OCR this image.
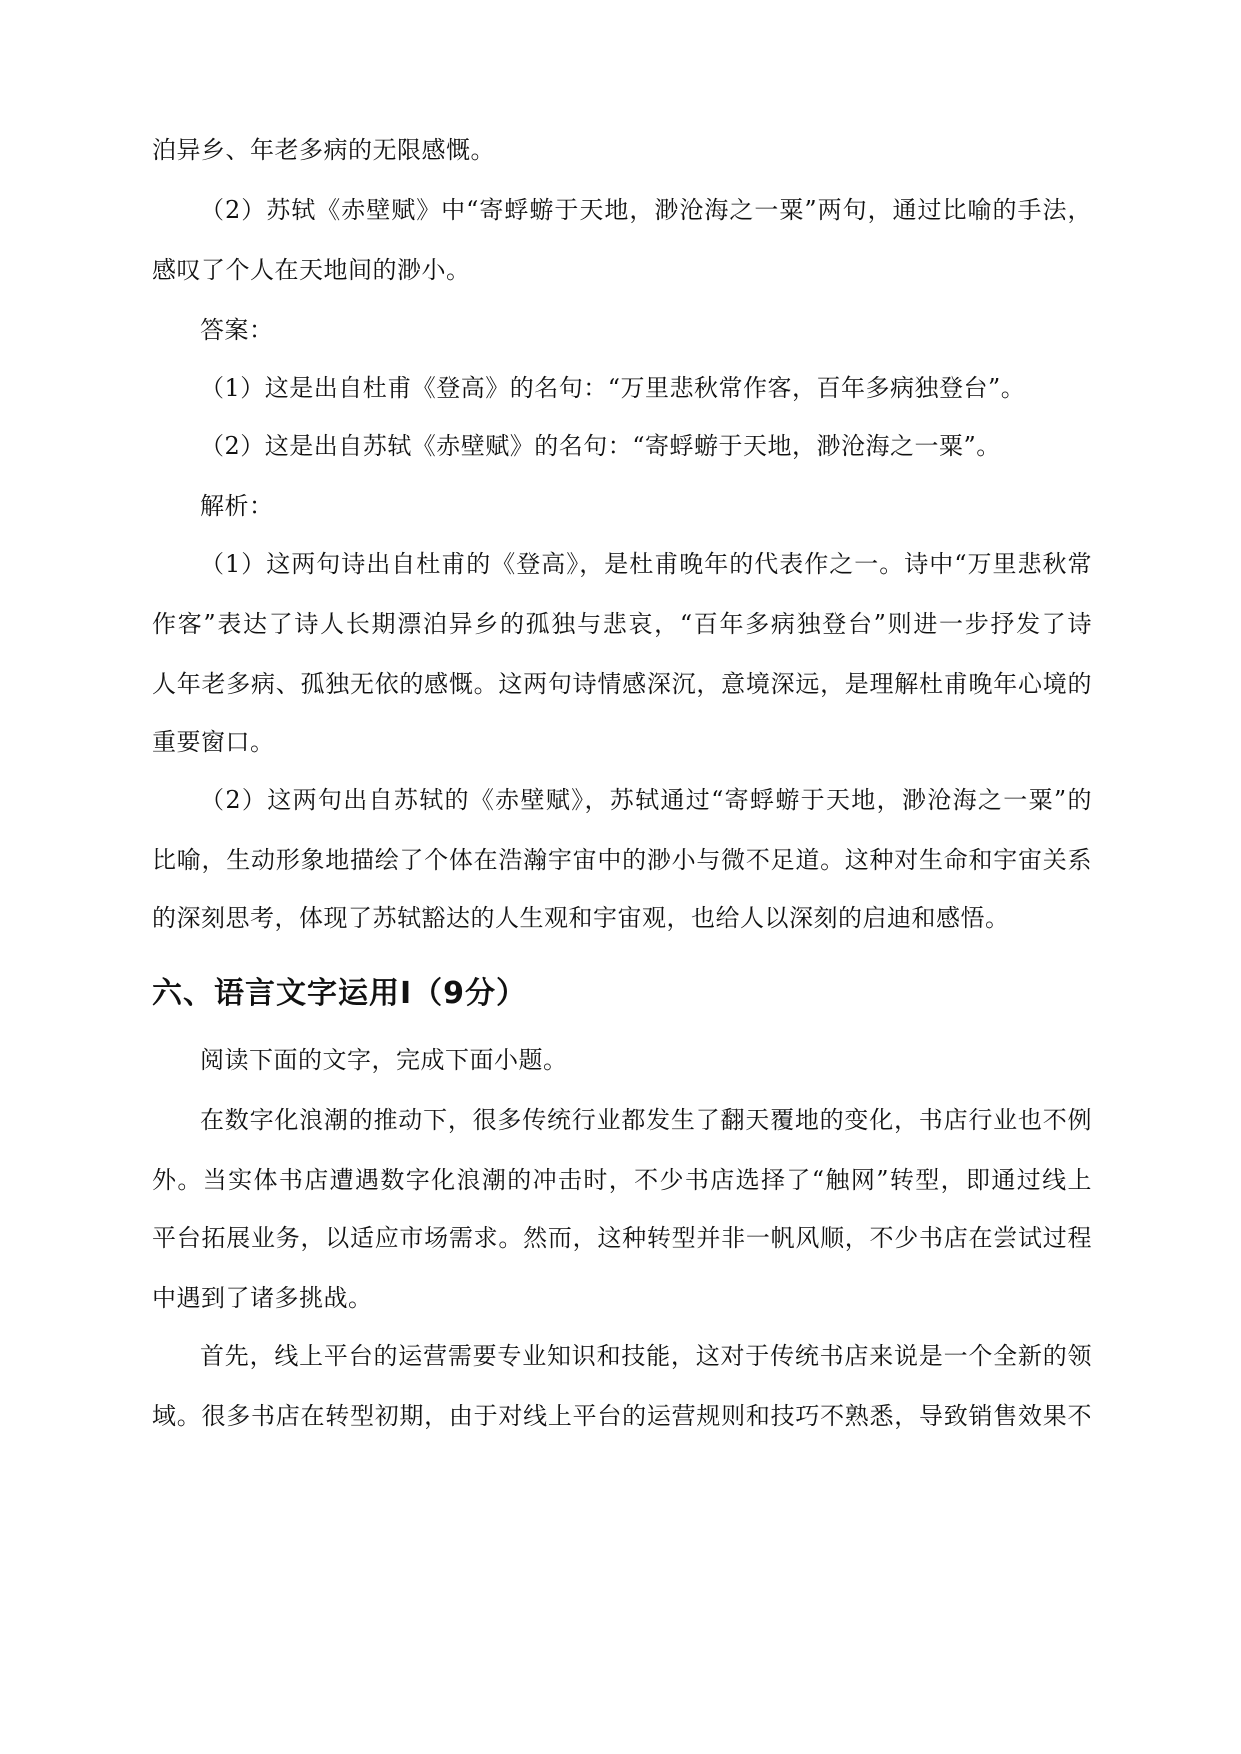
泊异乡、年老多病的无限感慨。
（2）苏轼《赤壁赋》中“寄蜉蝣于天地，渺沧海之一粟”两句，通过比喻的手法，
感叹了个人在天地间的渺小。
答案：
（1）这是出自杜甫《登高》的名句：“万里悲秋常作客，百年多病独登台”。
（2）这是出自苏轼《赤壁赋》的名句：“寄蜉蝣于天地，渺沧海之一粟”。
解析：
（1）这两句诗出自杜甫的《登高》，是杜甫晚年的代表作之一。诗中“万里悲秋常
作客”表达了诗人长期漂泊异乡的孤独与悲哀，“百年多病独登台”则进一步抒发了诗
人年老多病、孤独无依的感慨。这两句诗情感深沉，意境深远，是理解杜甫晚年心境的
重要窗口。
（2）这两句出自苏轼的《赤壁赋》，苏轼通过“寄蜉蝣于天地，渺沧海之一粟”的
比喻，生动形象地描绘了个体在浩瀚宇宙中的渺小与微不足道。这种对生命和宇宙关系
的深刻思考，体现了苏轼豁达的人生观和宇宙观，也给人以深刻的启迪和感悟。
六、语言文字运用Ⅰ（9分）
阅读下面的文字，完成下面小题。
在数字化浪潮的推动下，很多传统行业都发生了翻天覆地的变化，书店行业也不例
外。当实体书店遭遇数字化浪潮的冲击时，不少书店选择了“触网”转型，即通过线上
平台拓展业务，以适应市场需求。然而，这种转型并非一帆风顺，不少书店在尝试过程
中遇到了诸多挑战。
首先，线上平台的运营需要专业知识和技能，这对于传统书店来说是一个全新的领
域。很多书店在转型初期，由于对线上平台的运营规则和技巧不熟悉，导致销售效果不
